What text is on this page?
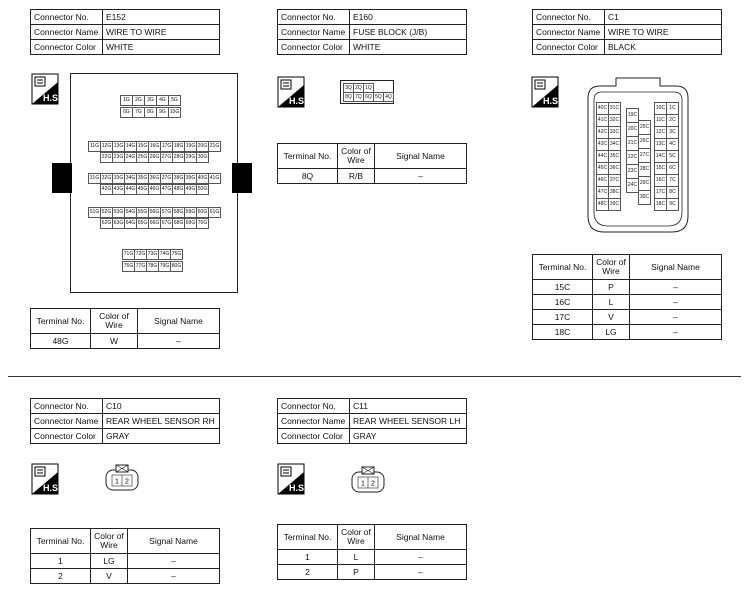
Connector No.	E152
Connector Name	WIRE TO WIRE
Connector Color	WHITE
H.S.	1G	2G	3G	4G	5G
6G	7G	8G	9G 10G
11G 12G 13G 14G 15G 16G 17G 18G 19G 20G 21G
22G 23G 24G 25G 26G 27G 28G 29G 30G
31G 32G 33G 34G 35G 36G 37G 38G 39G 40G 41G
42G 43G 44G 45G 46G 47G 48G 49G 50G
51G 52G 53G 54G 55G 56G 57G 58G 59G 60G 61G
62G 63G 64G 65G 66G 67G 68G 69G 70G
71G 72G 73G 74G 75G
76G 77G 78G 79G 80G
Terminal No.	Color of Wire	Signal Name
48G	W	–
Connector No.	E160
Connector Name	FUSE BLOCK (J/B)
Connector Color	WHITE
H.S.
3Q 2Q 1Q
8Q 7Q 6Q 5Q 4Q
Terminal No.	Color of Wire	Signal Name
8Q	R/B	–
Connector No.	C1
Connector Name	WIRE TO WIRE
Connector Color	BLACK
H.S.
40C
41C
42C
43C
44C
45C
46C
47C
48C
31C
32C
33C
34C
35C
36C
37C
38C
39C
19C
20C
21C
22C
23C
24C
25C
26C
27C
28C
29C
30C
10C
11C
12C
13C
14C
15C
16C
17C
18C
1C
2C
3C
4C
5C
6C
7C
8C
9C
Terminal No.	Color of Wire	Signal Name
15C	P	–
16C	L	–
17C	V	–
18C	LG	–
Connector No.	C10
Connector Name	REAR WHEEL SENSOR RH
Connector Color	GRAY
H.S.
1 2
Terminal No.	Color of Wire	Signal Name
1	LG	–
2	V	–
Connector No.	C11
Connector Name	REAR WHEEL SENSOR LH
Connector Color	GRAY
H.S.	1 2
Terminal No.	Color of Wire	Signal Name
1	L	–
2	P	–
